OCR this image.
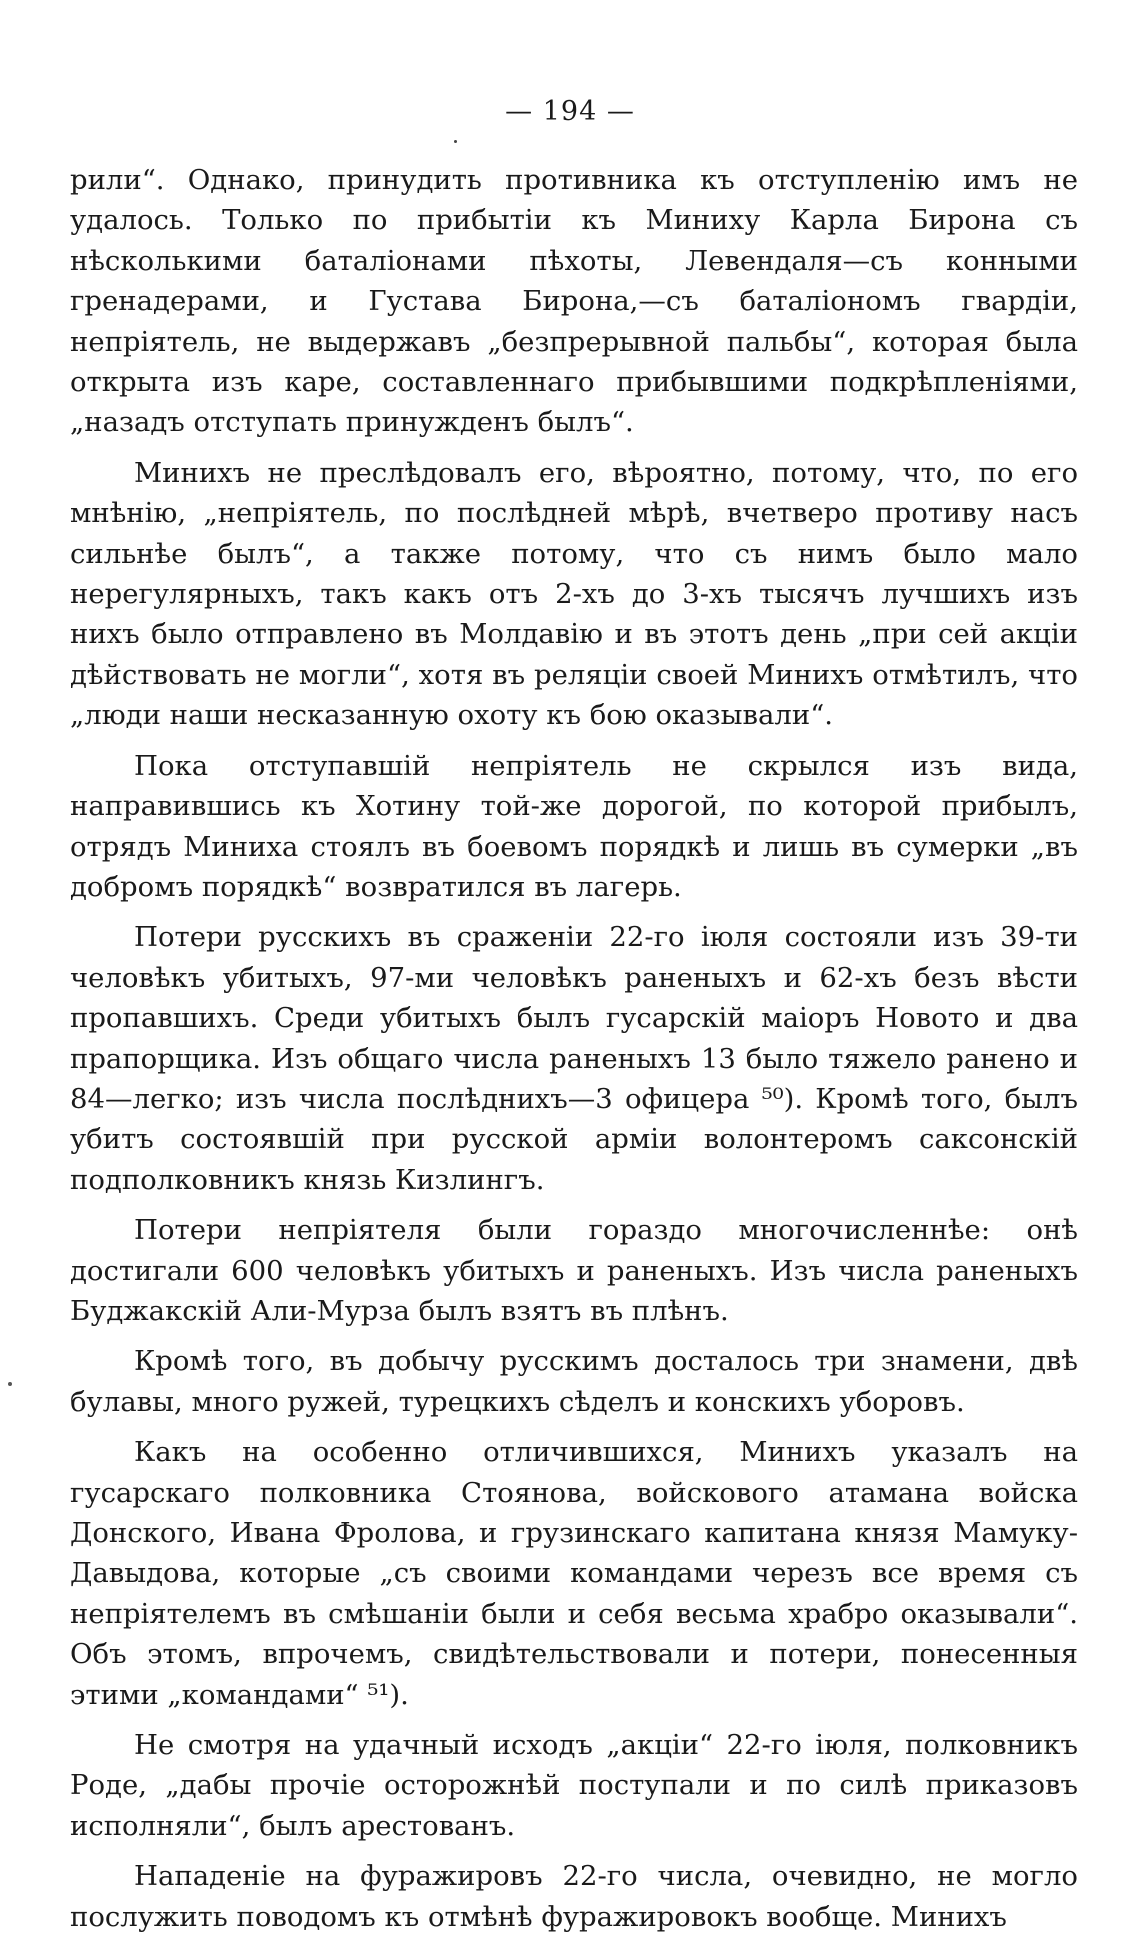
— 194 —

рили“. Однако, принудить противника къ отступленію имъ не удалось. Только по прибытіи къ Миниху Карла Бирона съ нѣсколькими баталіонами пѣхоты, Левендаля—съ конными гренадерами, и Густава Бирона,—съ баталіономъ гвардіи, непріятель, не выдержавъ „безпрерывной пальбы“, которая была открыта изъ каре, составленнаго прибывшими подкрѣпленіями, „назадъ отступать принужденъ былъ“.

Минихъ не преслѣдовалъ его, вѣроятно, потому, что, по его мнѣнію, „непріятель, по послѣдней мѣрѣ, вчетверо противу насъ сильнѣе былъ“, а также потому, что съ нимъ было мало нерегулярныхъ, такъ какъ отъ 2-хъ до 3-хъ тысячъ лучшихъ изъ нихъ было отправлено въ Молдавію и въ этотъ день „при сей акціи дѣйствовать не могли“, хотя въ реляціи своей Минихъ отмѣтилъ, что „люди наши несказанную охоту къ бою оказывали“.

Пока отступавшій непріятель не скрылся изъ вида, направившись къ Хотину той-же дорогой, по которой прибылъ, отрядъ Миниха стоялъ въ боевомъ порядкѣ и лишь въ сумерки „въ добромъ порядкѣ“ возвратился въ лагерь.

Потери русскихъ въ сраженіи 22-го іюля состояли изъ 39-ти человѣкъ убитыхъ, 97-ми человѣкъ раненыхъ и 62-хъ безъ вѣсти пропавшихъ. Среди убитыхъ былъ гусарскій маіоръ Новото и два прапорщика. Изъ общаго числа раненыхъ 13 было тяжело ранено и 84—легко; изъ числа послѣднихъ—3 офицера ⁵⁰). Кромѣ того, былъ убитъ состоявшій при русской арміи волонтеромъ саксонскій подполковникъ князь Кизлингъ.

Потери непріятеля были гораздо многочисленнѣе: онѣ достигали 600 человѣкъ убитыхъ и раненыхъ. Изъ числа раненыхъ Буджакскій Али-Мурза былъ взятъ въ плѣнъ.

Кромѣ того, въ добычу русскимъ досталось три знамени, двѣ булавы, много ружей, турецкихъ сѣделъ и конскихъ уборовъ.

Какъ на особенно отличившихся, Минихъ указалъ на гусарскаго полковника Стоянова, войскового атамана войска Донского, Ивана Фролова, и грузинскаго капитана князя Мамуку-Давыдова, которые „съ своими командами черезъ все время съ непріятелемъ въ смѣшаніи были и себя весьма храбро оказывали“. Объ этомъ, впрочемъ, свидѣтельствовали и потери, понесенныя этими „командами“ ⁵¹).

Не смотря на удачный исходъ „акціи“ 22-го іюля, полковникъ Роде, „дабы прочіе осторожнѣй поступали и по силѣ приказовъ исполняли“, былъ арестованъ.

Нападеніе на фуражировъ 22-го числа, очевидно, не могло послужить поводомъ къ отмѣнѣ фуражировокъ вообще. Минихъ
